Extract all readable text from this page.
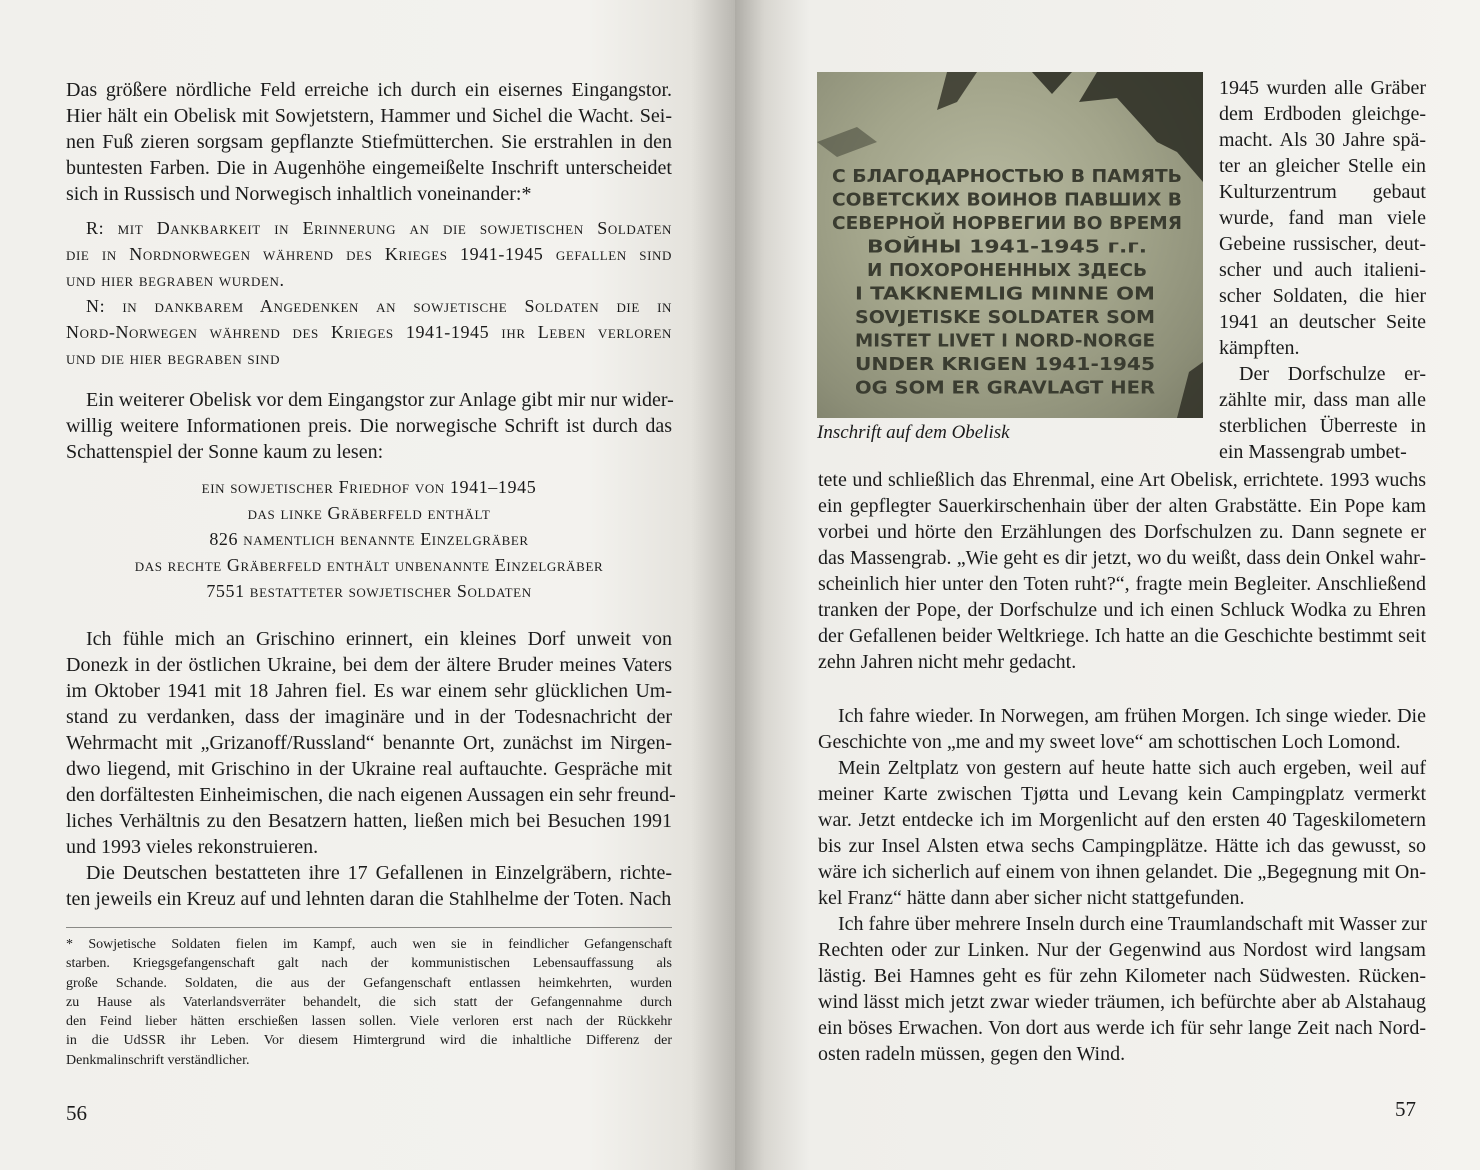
Das größere nördliche Feld erreiche ich durch ein eisernes Eingangstor.
Hier hält ein Obelisk mit Sowjetstern, Hammer und Sichel die Wacht. Sei-
nen Fuß zieren sorgsam gepflanzte Stiefmütterchen. Sie erstrahlen in den
buntesten Farben. Die in Augenhöhe eingemeißelte Inschrift unterscheidet
sich in Russisch und Norwegisch inhaltlich voneinander:*
R: mit Dankbarkeit in Erinnerung an die sowjetischen Soldaten
die in Nordnorwegen während des Krieges 1941-1945 gefallen sind
und hier begraben wurden.
N: in dankbarem Angedenken an sowjetische Soldaten die in
Nord-Norwegen während des Krieges 1941-1945 ihr Leben verloren
und die hier begraben sind
Ein weiterer Obelisk vor dem Eingangstor zur Anlage gibt mir nur wider-
willig weitere Informationen preis. Die norwegische Schrift ist durch das
Schattenspiel der Sonne kaum zu lesen:
ein sowjetischer Friedhof von 1941–1945
das linke Gräberfeld enthält
826 namentlich benannte Einzelgräber
das rechte Gräberfeld enthält unbenannte Einzelgräber
7551 bestatteter sowjetischer Soldaten
Ich fühle mich an Grischino erinnert, ein kleines Dorf unweit von
Donezk in der östlichen Ukraine, bei dem der ältere Bruder meines Vaters
im Oktober 1941 mit 18 Jahren fiel. Es war einem sehr glücklichen Um-
stand zu verdanken, dass der imaginäre und in der Todesnachricht der
Wehrmacht mit „Grizanoff/Russland“ benannte Ort, zunächst im Nirgen-
dwo liegend, mit Grischino in der Ukraine real auftauchte. Gespräche mit
den dorfältesten Einheimischen, die nach eigenen Aussagen ein sehr freund-
liches Verhältnis zu den Besatzern hatten, ließen mich bei Besuchen 1991
und 1993 vieles rekonstruieren.
Die Deutschen bestatteten ihre 17 Gefallenen in Einzelgräbern, richte-
ten jeweils ein Kreuz auf und lehnten daran die Stahlhelme der Toten. Nach
* Sowjetische Soldaten fielen im Kampf, auch wen sie in feindlicher Gefangenschaft
starben. Kriegsgefangenschaft galt nach der kommunistischen Lebensauffassung als
große Schande. Soldaten, die aus der Gefangenschaft entlassen heimkehrten, wurden
zu Hause als Vaterlandsverräter behandelt, die sich statt der Gefangennahme durch
den Feind lieber hätten erschießen lassen sollen. Viele verloren erst nach der Rückkehr
in die UdSSR ihr Leben. Vor diesem Himtergrund wird die inhaltliche Differenz der
Denkmalinschrift verständlicher.
56
С БЛАГОДАРНОСТЬЮ В ПАМЯТЬ
СОВЕТСКИХ ВОИНОВ ПАВШИХ В
СЕВЕРНОЙ НОРВЕГИИ ВО ВРЕМЯ
ВОЙНЫ 1941-1945 г.г.
И ПОХОРОНЕННЫХ ЗДЕСЬ
I TAKKNEMLIG MINNE OM
SOVJETISKE SOLDATER SOM
MISTET LIVET I NORD-NORGE
UNDER KRIGEN 1941-1945
OG SOM ER GRAVLAGT HER
Inschrift auf dem Obelisk
1945 wurden alle Gräber
dem Erdboden gleichge-
macht. Als 30 Jahre spä-
ter an gleicher Stelle ein
Kulturzentrum gebaut
wurde, fand man viele
Gebeine russischer, deut-
scher und auch italieni-
scher Soldaten, die hier
1941 an deutscher Seite
kämpften.
Der Dorfschulze er-
zählte mir, dass man alle
sterblichen Überreste in
ein Massengrab umbet-
tete und schließlich das Ehrenmal, eine Art Obelisk, errichtete. 1993 wuchs
ein gepflegter Sauerkirschenhain über der alten Grabstätte. Ein Pope kam
vorbei und hörte den Erzählungen des Dorfschulzen zu. Dann segnete er
das Massengrab. „Wie geht es dir jetzt, wo du weißt, dass dein Onkel wahr-
scheinlich hier unter den Toten ruht?“, fragte mein Begleiter. Anschließend
tranken der Pope, der Dorfschulze und ich einen Schluck Wodka zu Ehren
der Gefallenen beider Weltkriege. Ich hatte an die Geschichte bestimmt seit
zehn Jahren nicht mehr gedacht.
Ich fahre wieder. In Norwegen, am frühen Morgen. Ich singe wieder. Die
Geschichte von „me and my sweet love“ am schottischen Loch Lomond.
Mein Zeltplatz von gestern auf heute hatte sich auch ergeben, weil auf
meiner Karte zwischen Tjøtta und Levang kein Campingplatz vermerkt
war. Jetzt entdecke ich im Morgenlicht auf den ersten 40 Tageskilometern
bis zur Insel Alsten etwa sechs Campingplätze. Hätte ich das gewusst, so
wäre ich sicherlich auf einem von ihnen gelandet. Die „Begegnung mit On-
kel Franz“ hätte dann aber sicher nicht stattgefunden.
Ich fahre über mehrere Inseln durch eine Traumlandschaft mit Wasser zur
Rechten oder zur Linken. Nur der Gegenwind aus Nordost wird langsam
lästig. Bei Hamnes geht es für zehn Kilometer nach Südwesten. Rücken-
wind lässt mich jetzt zwar wieder träumen, ich befürchte aber ab Alstahaug
ein böses Erwachen. Von dort aus werde ich für sehr lange Zeit nach Nord-
osten radeln müssen, gegen den Wind.
57
